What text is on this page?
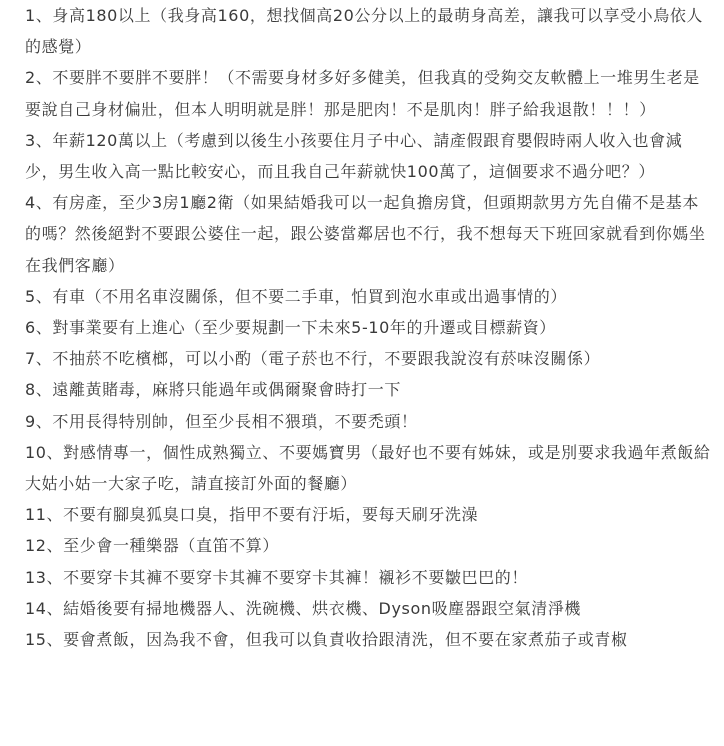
1、身高180以上（我身高160，想找個高20公分以上的最萌身高差，讓我可以享受小鳥依人的感覺）

2、不要胖不要胖不要胖！（不需要身材多好多健美，但我真的受夠交友軟體上一堆男生老是要說自己身材偏壯，但本人明明就是胖！那是肥肉！不是肌肉！胖子給我退散！！！）

3、年薪120萬以上（考慮到以後生小孩要住月子中心、請產假跟育嬰假時兩人收入也會減少，男生收入高一點比較安心，而且我自己年薪就快100萬了，這個要求不過分吧？）

4、有房產，至少3房1廳2衛（如果結婚我可以一起負擔房貸，但頭期款男方先自備不是基本的嗎？然後絕對不要跟公婆住一起，跟公婆當鄰居也不行，我不想每天下班回家就看到你媽坐在我們客廳）

5、有車（不用名車沒關係，但不要二手車，怕買到泡水車或出過事情的）

6、對事業要有上進心（至少要規劃一下未來5-10年的升遷或目標薪資）

7、不抽菸不吃檳榔，可以小酌（電子菸也不行，不要跟我說沒有菸味沒關係）

8、遠離黃賭毒，麻將只能過年或偶爾聚會時打一下

9、不用長得特別帥，但至少長相不猥瑣，不要禿頭！

10、對感情專一，個性成熟獨立、不要媽寶男（最好也不要有姊妹，或是別要求我過年煮飯給大姑小姑一大家子吃，請直接訂外面的餐廳）

11、不要有腳臭狐臭口臭，指甲不要有汙垢，要每天刷牙洗澡

12、至少會一種樂器（直笛不算）

13、不要穿卡其褲不要穿卡其褲不要穿卡其褲！襯衫不要皺巴巴的！

14、結婚後要有掃地機器人、洗碗機、烘衣機、Dyson吸塵器跟空氣清淨機

15、要會煮飯，因為我不會，但我可以負責收拾跟清洗，但不要在家煮茄子或青椒
